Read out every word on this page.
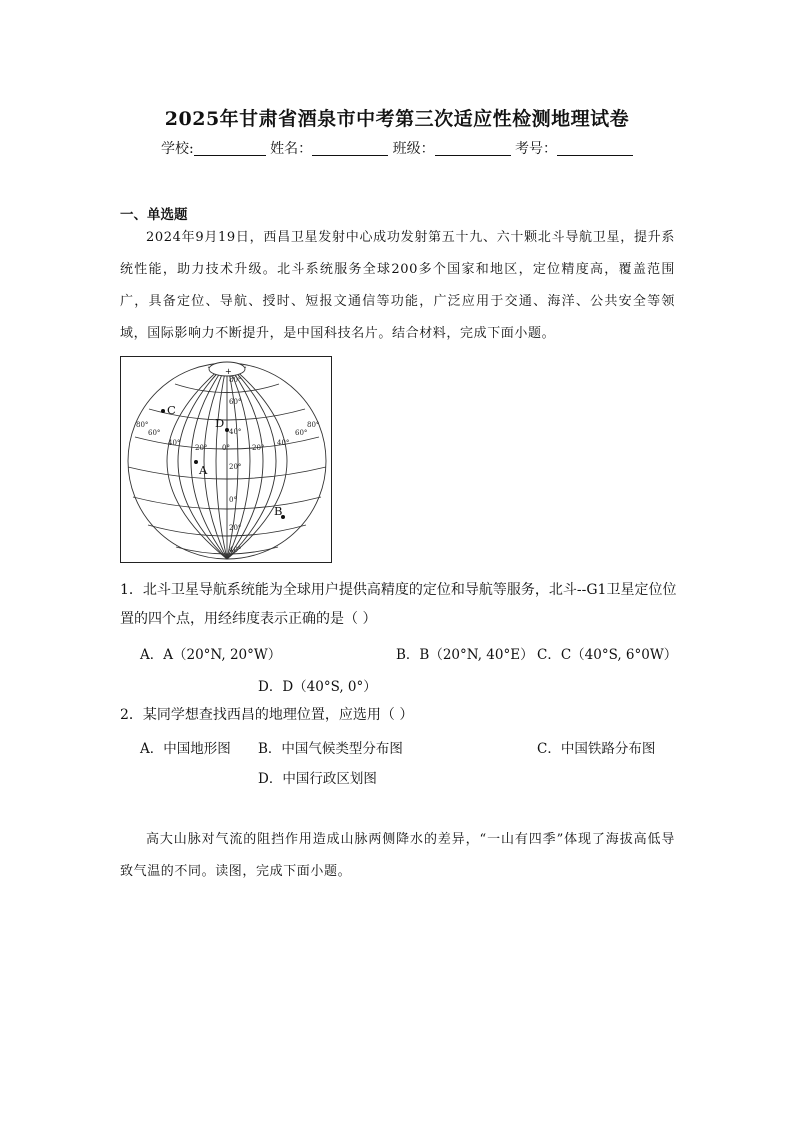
2025年甘肃省酒泉市中考第三次适应性检测地理试卷
学校:	姓名：	班级：	考号：
一、单选题
2024年9月19日，西昌卫星发射中心成功发射第五十九、六十颗北斗导航卫星，提升系统性能，助力技术升级。北斗系统服务全球200多个国家和地区，定位精度高，覆盖范围广，具备定位、导航、授时、短报文通信等功能，广泛应用于交通、海洋、公共安全等领域，国际影响力不断提升，是中国科技名片。结合材料，完成下面小题。
+
80°
60°
40°
20°
0°
20°
40°
80°
60°
40°
20° 0°	20°
40°
60°
80°
C
D
A
B
1．北斗卫星导航系统能为全球用户提供高精度的定位和导航等服务，北斗--G1卫星定位位置的四个点，用经纬度表示正确的是（ ）
A．A（20°N, 20°W）	B．B（20°N, 40°E） C．C（40°S, 6°0W）
D．D（40°S, 0°）
2．某同学想查找西昌的地理位置，应选用（ ）
A．中国地形图 B．中国气候类型分布图	C．中国铁路分布图
D．中国行政区划图
高大山脉对气流的阻挡作用造成山脉两侧降水的差异，“一山有四季”体现了海拔高低导致气温的不同。读图，完成下面小题。
